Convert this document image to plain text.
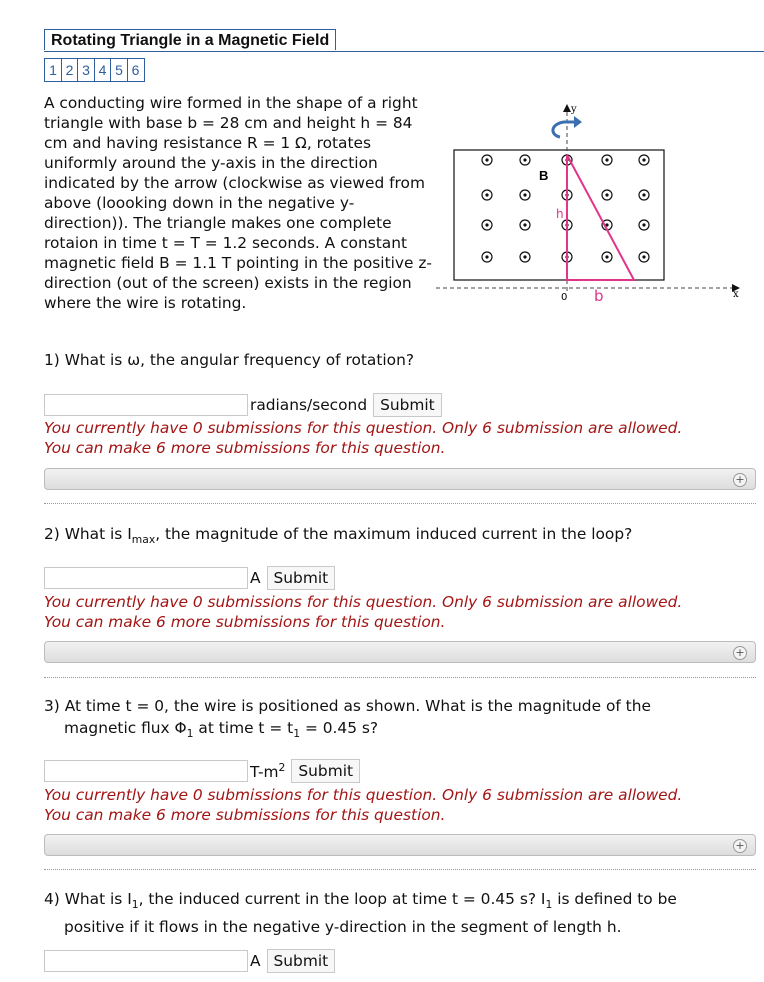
Rotating Triangle in a Magnetic Field
1 2 3 4 5 6
A conducting wire formed in the shape of a right triangle with base b = 28 cm and height h = 84 cm and having resistance R = 1 Ω, rotates uniformly around the y-axis in the direction indicated by the arrow (clockwise as viewed from above (loooking down in the negative y-direction)). The triangle makes one complete rotaion in time t = T = 1.2 seconds. A constant magnetic field B = 1.1 T pointing in the positive z-direction (out of the screen) exists in the region where the wire is rotating.	x
y
B
h
b
0
1) What is ω, the angular frequency of rotation?
radians/second Submit
You currently have 0 submissions for this question. Only 6 submission are allowed.
You can make 6 more submissions for this question.
+
2) What is $I_{max}$, the magnitude of the maximum induced current in the loop?
A Submit
You currently have 0 submissions for this question. Only 6 submission are allowed.
You can make 6 more submissions for this question.
+
3) At time t = 0, the wire is positioned as shown. What is the magnitude of the
magnetic flux $\Phi_1$ at time $t = t_1 = 0.45$ s?
$T-m^2$ Submit
You currently have 0 submissions for this question. Only 6 submission are allowed.
You can make 6 more submissions for this question.
+
4) What is $I_1$, the induced current in the loop at time t = 0.45 s? $I_1$ is defined to be
positive if it flows in the negative y-direction in the segment of length h.
A Submit
